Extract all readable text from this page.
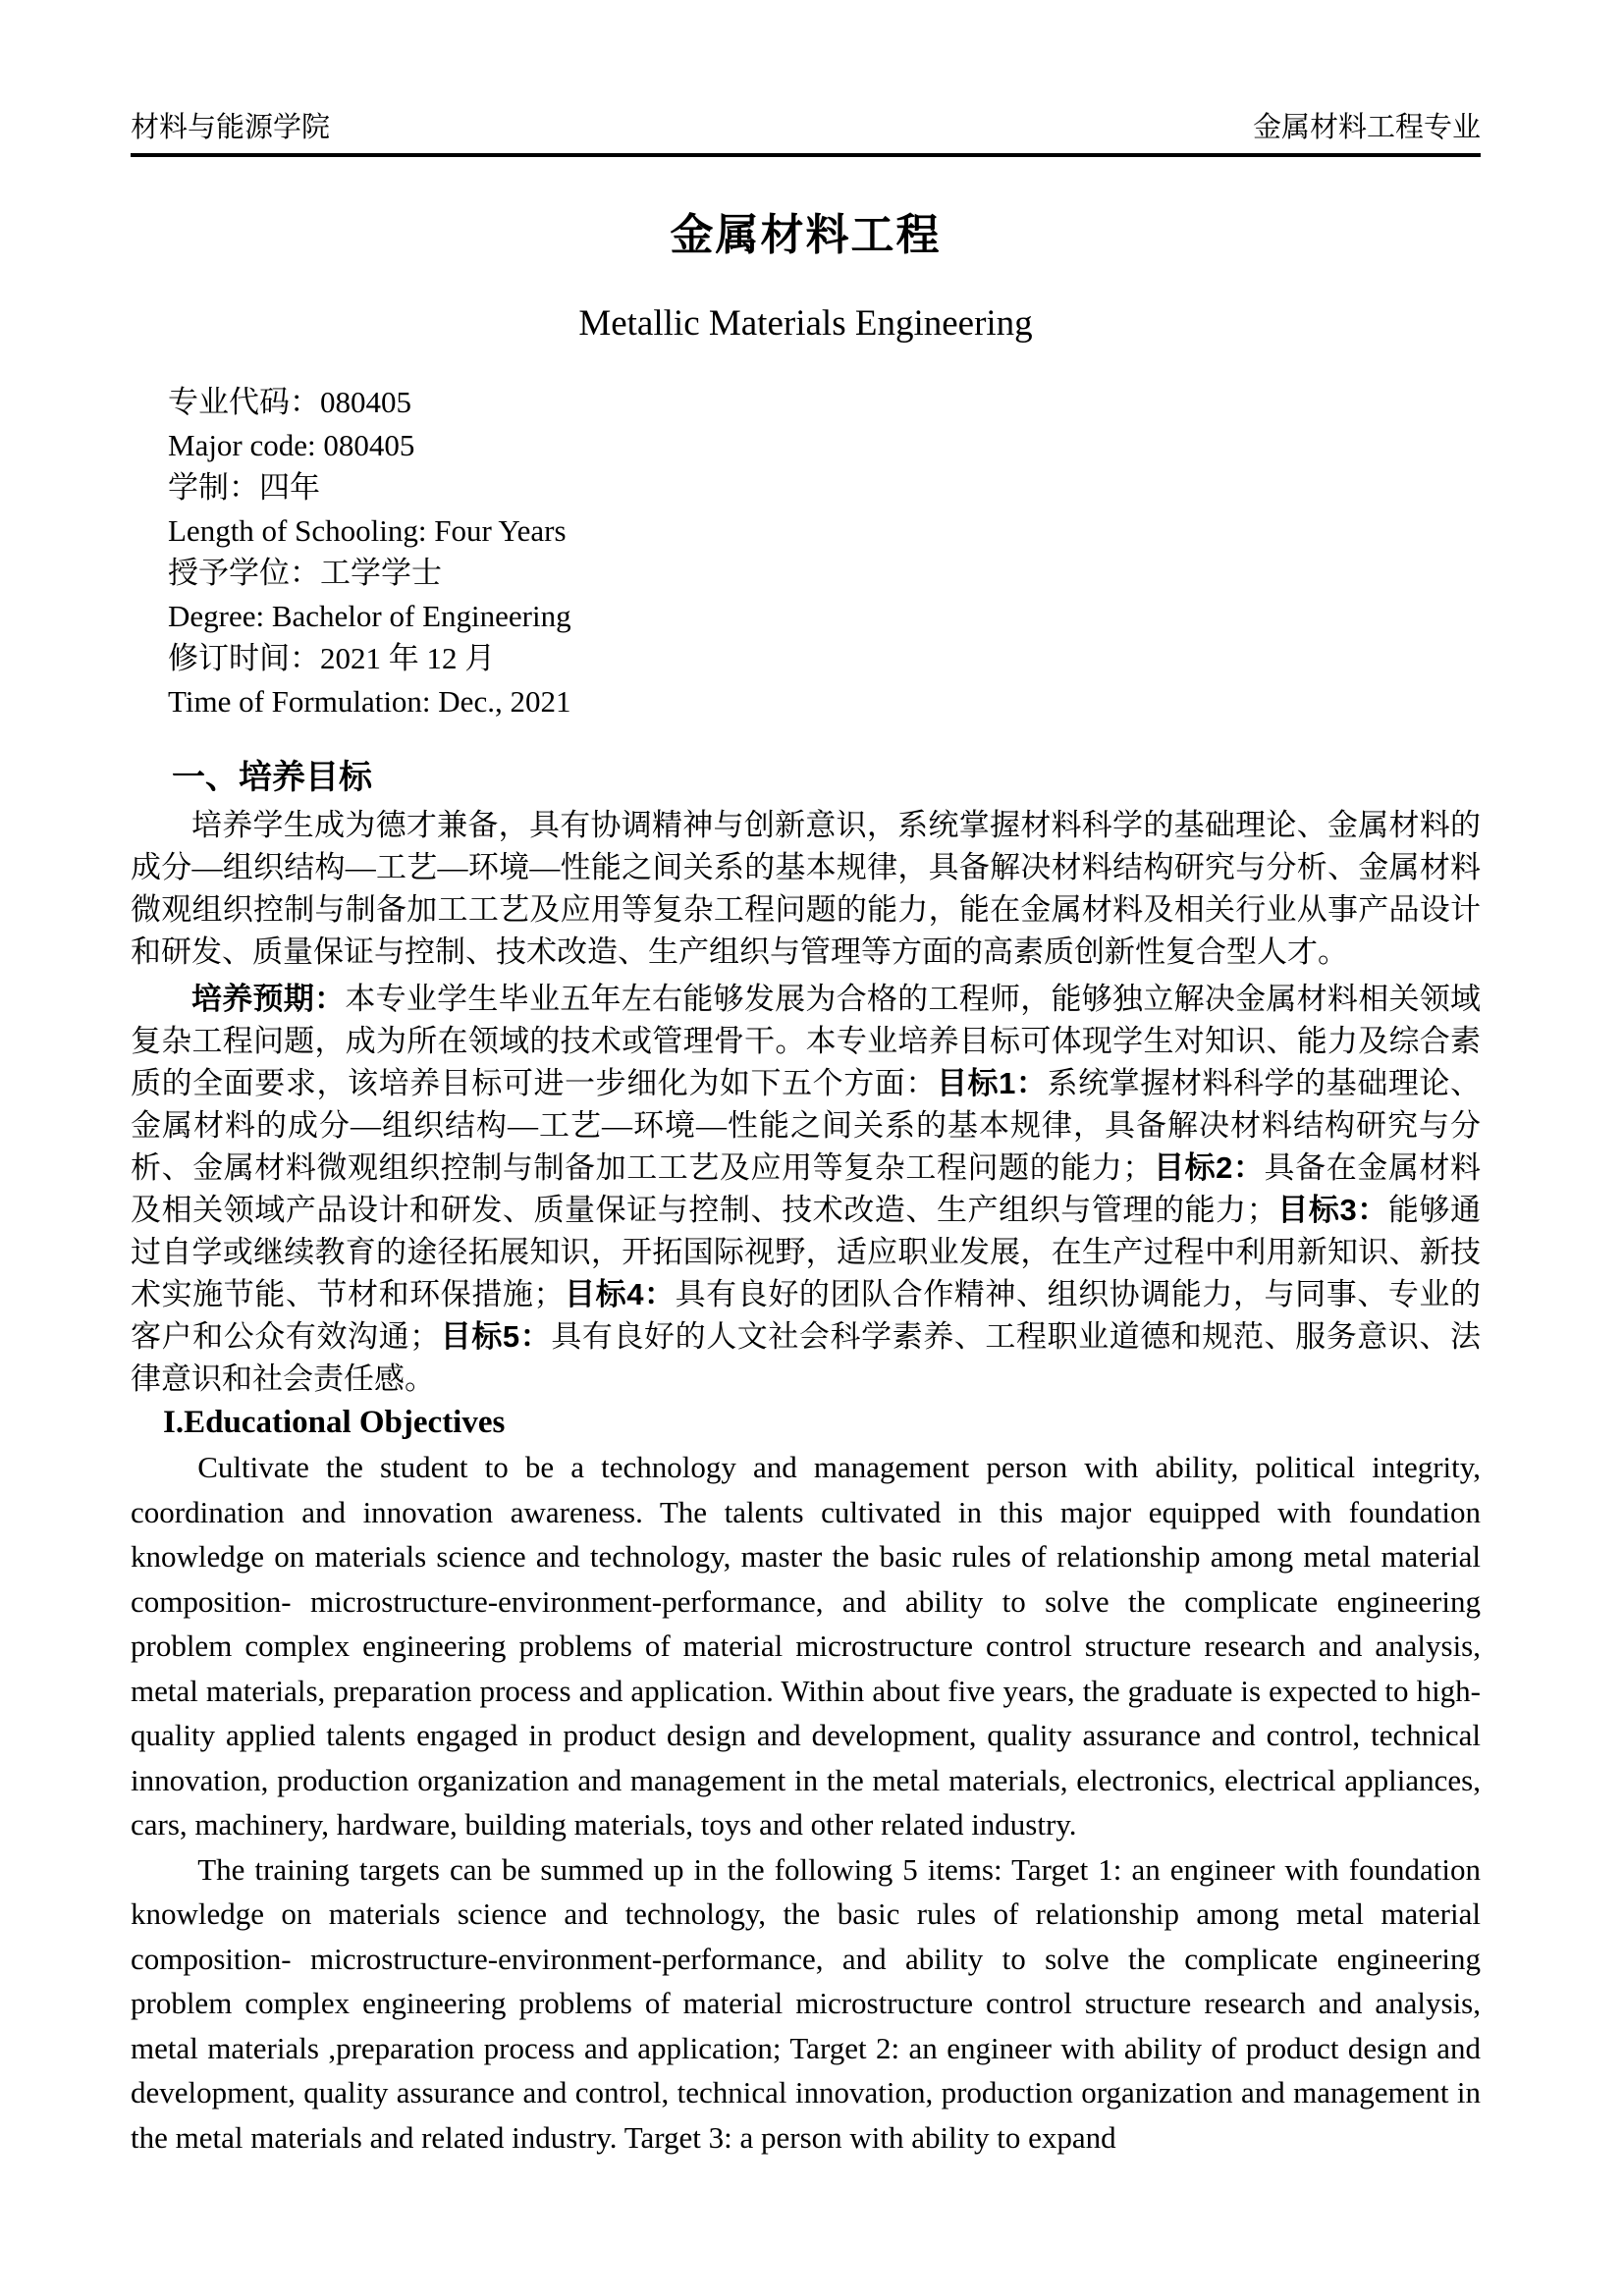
材料与能源学院	金属材料工程专业
金属材料工程
Metallic Materials Engineering
专业代码：080405
Major code: 080405
学制：四年
Length of Schooling: Four Years
授予学位：工学学士
Degree: Bachelor of Engineering
修订时间：2021 年 12 月
Time of Formulation: Dec., 2021
一、培养目标

培养学生成为德才兼备，具有协调精神与创新意识，系统掌握材料科学的基础理论、金属材料的成分—组织结构—工艺—环境—性能之间关系的基本规律，具备解决材料结构研究与分析、金属材料微观组织控制与制备加工工艺及应用等复杂工程问题的能力，能在金属材料及相关行业从事产品设计和研发、质量保证与控制、技术改造、生产组织与管理等方面的高素质创新性复合型人才。

培养预期：本专业学生毕业五年左右能够发展为合格的工程师，能够独立解决金属材料相关领域复杂工程问题，成为所在领域的技术或管理骨干。本专业培养目标可体现学生对知识、能力及综合素质的全面要求，该培养目标可进一步细化为如下五个方面：目标1：系统掌握材料科学的基础理论、金属材料的成分—组织结构—工艺—环境—性能之间关系的基本规律，具备解决材料结构研究与分析、金属材料微观组织控制与制备加工工艺及应用等复杂工程问题的能力；目标2：具备在金属材料及相关领域产品设计和研发、质量保证与控制、技术改造、生产组织与管理的能力；目标3：能够通过自学或继续教育的途径拓展知识，开拓国际视野，适应职业发展，在生产过程中利用新知识、新技术实施节能、节材和环保措施；目标4：具有良好的团队合作精神、组织协调能力，与同事、专业的客户和公众有效沟通；目标5：具有良好的人文社会科学素养、工程职业道德和规范、服务意识、法律意识和社会责任感。

I.Educational Objectives

Cultivate the student to be a technology and management person with ability, political integrity, coordination and innovation awareness. The talents cultivated in this major equipped with foundation knowledge on materials science and technology, master the basic rules of relationship among metal material composition- microstructure-environment-performance, and ability to solve the complicate engineering problem complex engineering problems of material microstructure control structure research and analysis, metal materials, preparation process and application. Within about five years, the graduate is expected to high-quality applied talents engaged in product design and development, quality assurance and control, technical innovation, production organization and management in the metal materials, electronics, electrical appliances, cars, machinery, hardware, building materials, toys and other related industry.

The training targets can be summed up in the following 5 items: Target 1: an engineer with foundation knowledge on materials science and technology, the basic rules of relationship among metal material composition- microstructure-environment-performance, and ability to solve the complicate engineering problem complex engineering problems of material microstructure control structure research and analysis, metal materials ,preparation process and application; Target 2: an engineer with ability of product design and development, quality assurance and control, technical innovation, production organization and management in the metal materials and related industry. Target 3: a person with ability to expand
